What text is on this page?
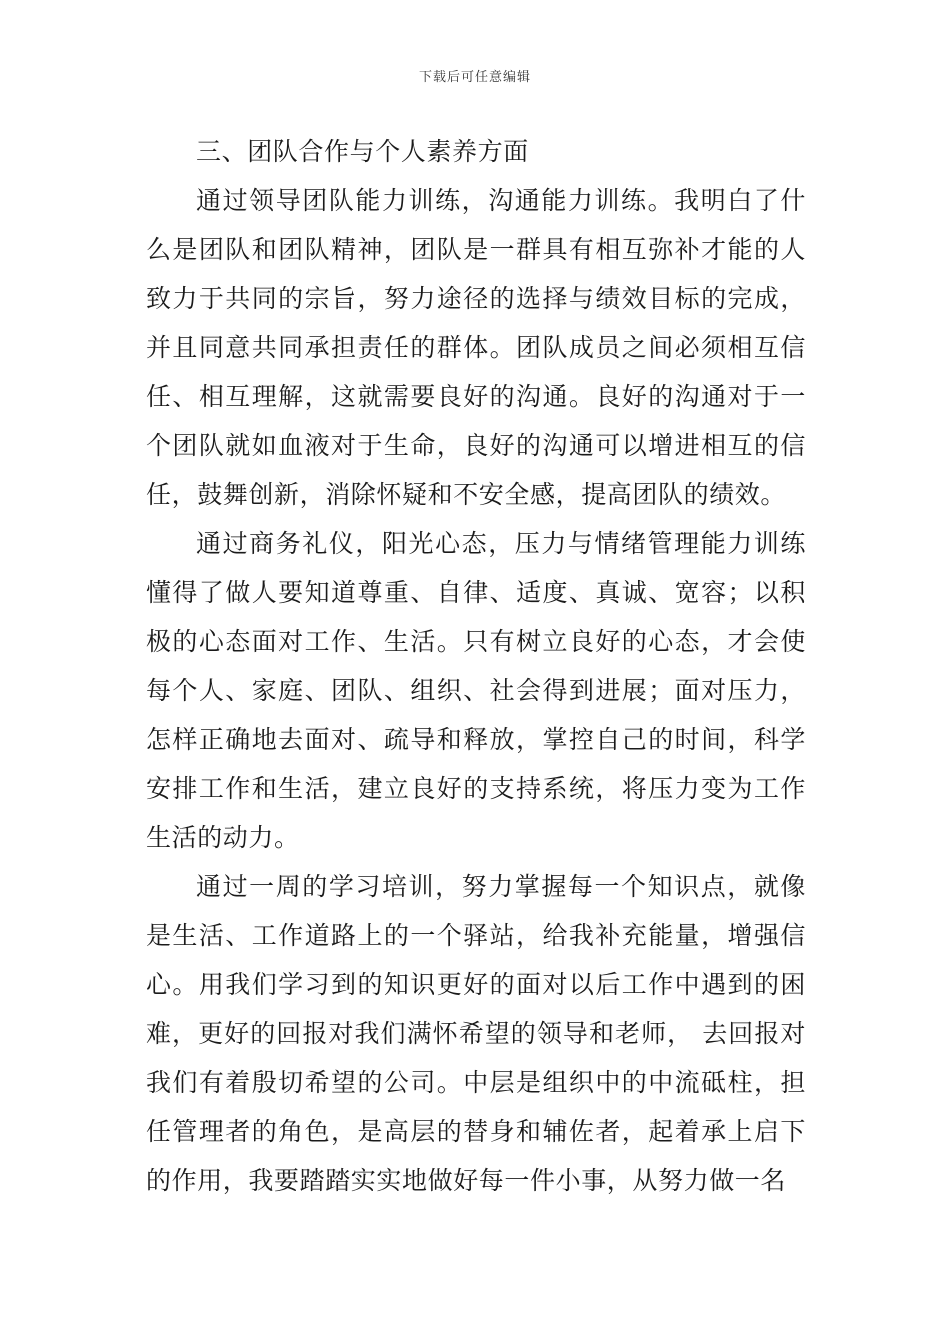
下载后可任意编辑

三、团队合作与个人素养方面

通过领导团队能力训练，沟通能力训练。我明白了什么是团队和团队精神，团队是一群具有相互弥补才能的人致力于共同的宗旨，努力途径的选择与绩效目标的完成，并且同意共同承担责任的群体。团队成员之间必须相互信任、相互理解，这就需要良好的沟通。良好的沟通对于一个团队就如血液对于生命，良好的沟通可以增进相互的信任，鼓舞创新，消除怀疑和不安全感，提高团队的绩效。

通过商务礼仪，阳光心态，压力与情绪管理能力训练懂得了做人要知道尊重、自律、适度、真诚、宽容；以积极的心态面对工作、生活。只有树立良好的心态，才会使每个人、家庭、团队、组织、社会得到进展；面对压力，怎样正确地去面对、疏导和释放，掌控自己的时间，科学安排工作和生活，建立良好的支持系统，将压力变为工作生活的动力。

通过一周的学习培训，努力掌握每一个知识点，就像是生活、工作道路上的一个驿站，给我补充能量，增强信心。用我们学习到的知识更好的面对以后工作中遇到的困难，更好的回报对我们满怀希望的领导和老师， 去回报对我们有着殷切希望的公司。中层是组织中的中流砥柱，担任管理者的角色，是高层的替身和辅佐者，起着承上启下的作用，我要踏踏实实地做好每一件小事，从努力做一名
